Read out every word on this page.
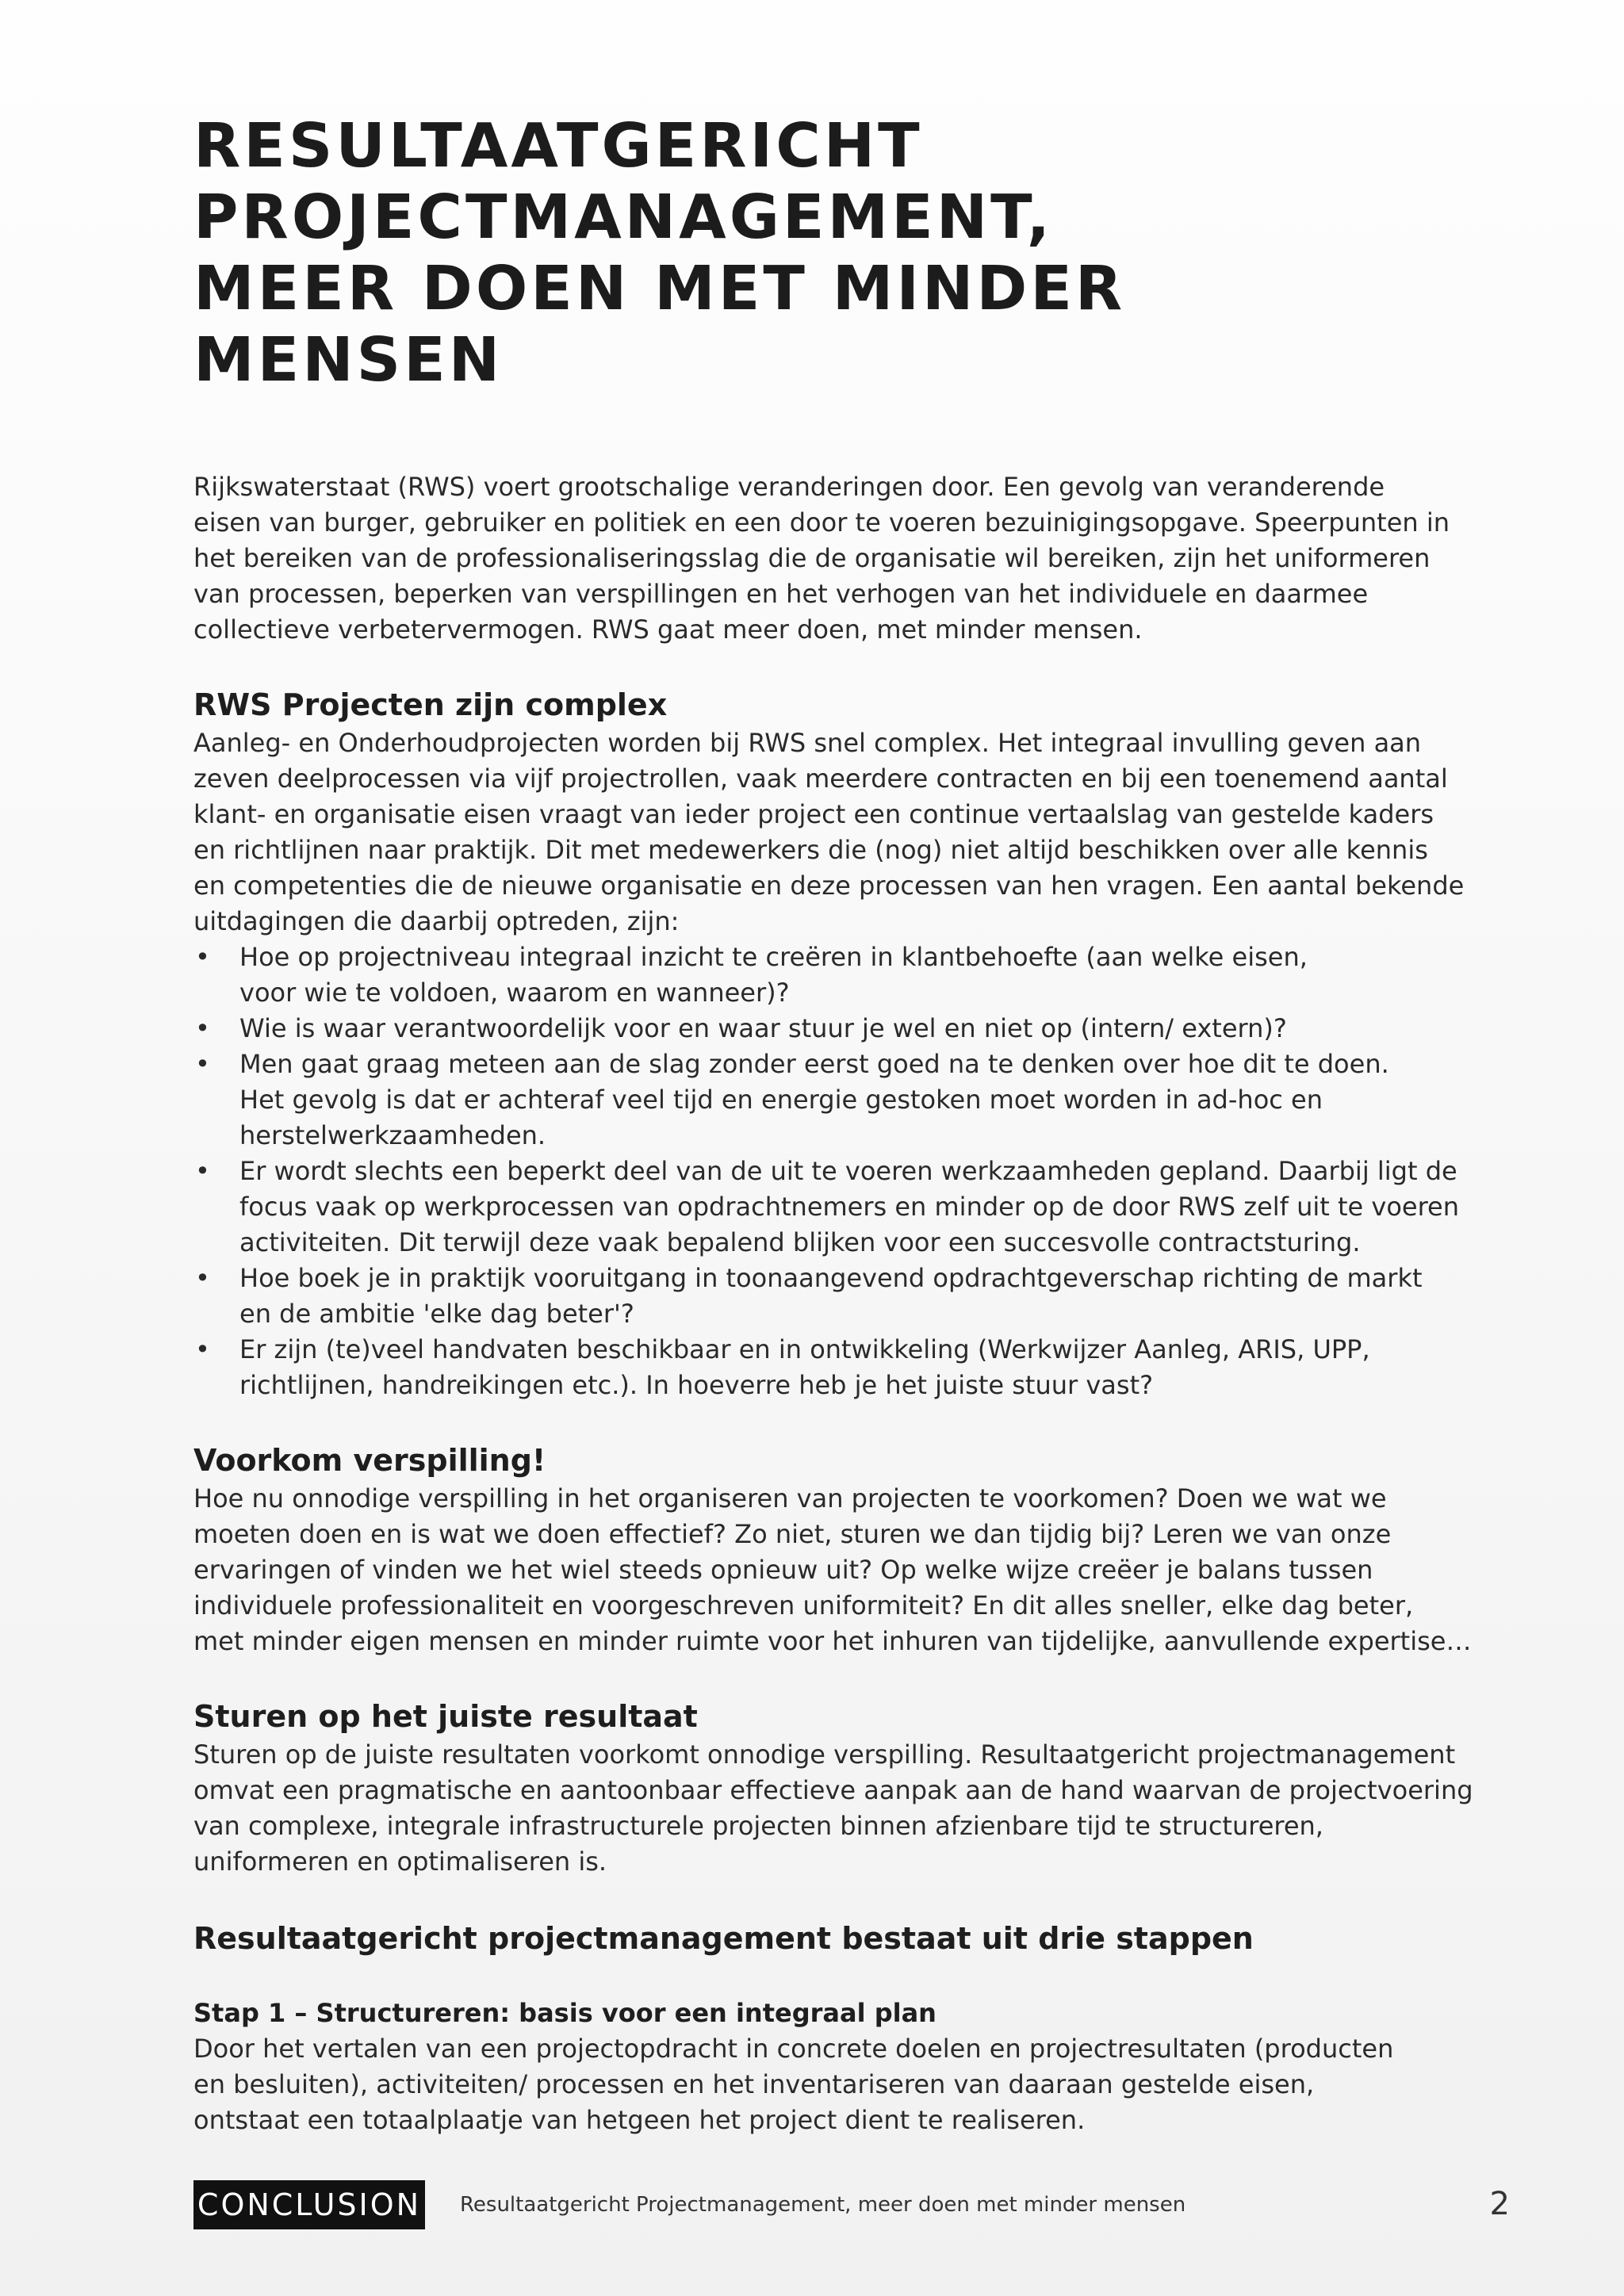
RESULTAATGERICHT
PROJECTMANAGEMENT,
MEER DOEN MET MINDER MENSEN

Rijkswaterstaat (RWS) voert grootschalige veranderingen door. Een gevolg van veranderende
eisen van burger, gebruiker en politiek en een door te voeren bezuinigingsopgave. Speerpunten in
het bereiken van de professionaliseringsslag die de organisatie wil bereiken, zijn het uniformeren
van processen, beperken van verspillingen en het verhogen van het individuele en daarmee
collectieve verbetervermogen. RWS gaat meer doen, met minder mensen.

RWS Projecten zijn complex

Aanleg- en Onderhoudprojecten worden bij RWS snel complex. Het integraal invulling geven aan
zeven deelprocessen via vijf projectrollen, vaak meerdere contracten en bij een toenemend aantal
klant- en organisatie eisen vraagt van ieder project een continue vertaalslag van gestelde kaders
en richtlijnen naar praktijk. Dit met medewerkers die (nog) niet altijd beschikken over alle kennis
en competenties die de nieuwe organisatie en deze processen van hen vragen. Een aantal bekende
uitdagingen die daarbij optreden, zijn:

• Hoe op projectniveau integraal inzicht te creëren in klantbehoefte (aan welke eisen,
voor wie te voldoen, waarom en wanneer)?
• Wie is waar verantwoordelijk voor en waar stuur je wel en niet op (intern/ extern)?
• Men gaat graag meteen aan de slag zonder eerst goed na te denken over hoe dit te doen.
Het gevolg is dat er achteraf veel tijd en energie gestoken moet worden in ad-hoc en
herstelwerkzaamheden.
• Er wordt slechts een beperkt deel van de uit te voeren werkzaamheden gepland. Daarbij ligt de
focus vaak op werkprocessen van opdrachtnemers en minder op de door RWS zelf uit te voeren
activiteiten. Dit terwijl deze vaak bepalend blijken voor een succesvolle contractsturing.
• Hoe boek je in praktijk vooruitgang in toonaangevend opdrachtgeverschap richting de markt
en de ambitie 'elke dag beter'?
• Er zijn (te)veel handvaten beschikbaar en in ontwikkeling (Werkwijzer Aanleg, ARIS, UPP,
richtlijnen, handreikingen etc.). In hoeverre heb je het juiste stuur vast?
Voorkom verspilling!

Hoe nu onnodige verspilling in het organiseren van projecten te voorkomen? Doen we wat we
moeten doen en is wat we doen effectief? Zo niet, sturen we dan tijdig bij? Leren we van onze
ervaringen of vinden we het wiel steeds opnieuw uit? Op welke wijze creëer je balans tussen
individuele professionaliteit en voorgeschreven uniformiteit? En dit alles sneller, elke dag beter,
met minder eigen mensen en minder ruimte voor het inhuren van tijdelijke, aanvullende expertise…

Sturen op het juiste resultaat

Sturen op de juiste resultaten voorkomt onnodige verspilling. Resultaatgericht projectmanagement
omvat een pragmatische en aantoonbaar effectieve aanpak aan de hand waarvan de projectvoering
van complexe, integrale infrastructurele projecten binnen afzienbare tijd te structureren,
uniformeren en optimaliseren is.

Resultaatgericht projectmanagement bestaat uit drie stappen
Stap 1 – Structureren: basis voor een integraal plan

Door het vertalen van een projectopdracht in concrete doelen en projectresultaten (producten
en besluiten), activiteiten/ processen en het inventariseren van daaraan gestelde eisen,
ontstaat een totaalplaatje van hetgeen het project dient te realiseren.

CONCLUSION Resultaatgericht Projectmanagement, meer doen met minder mensen	2
